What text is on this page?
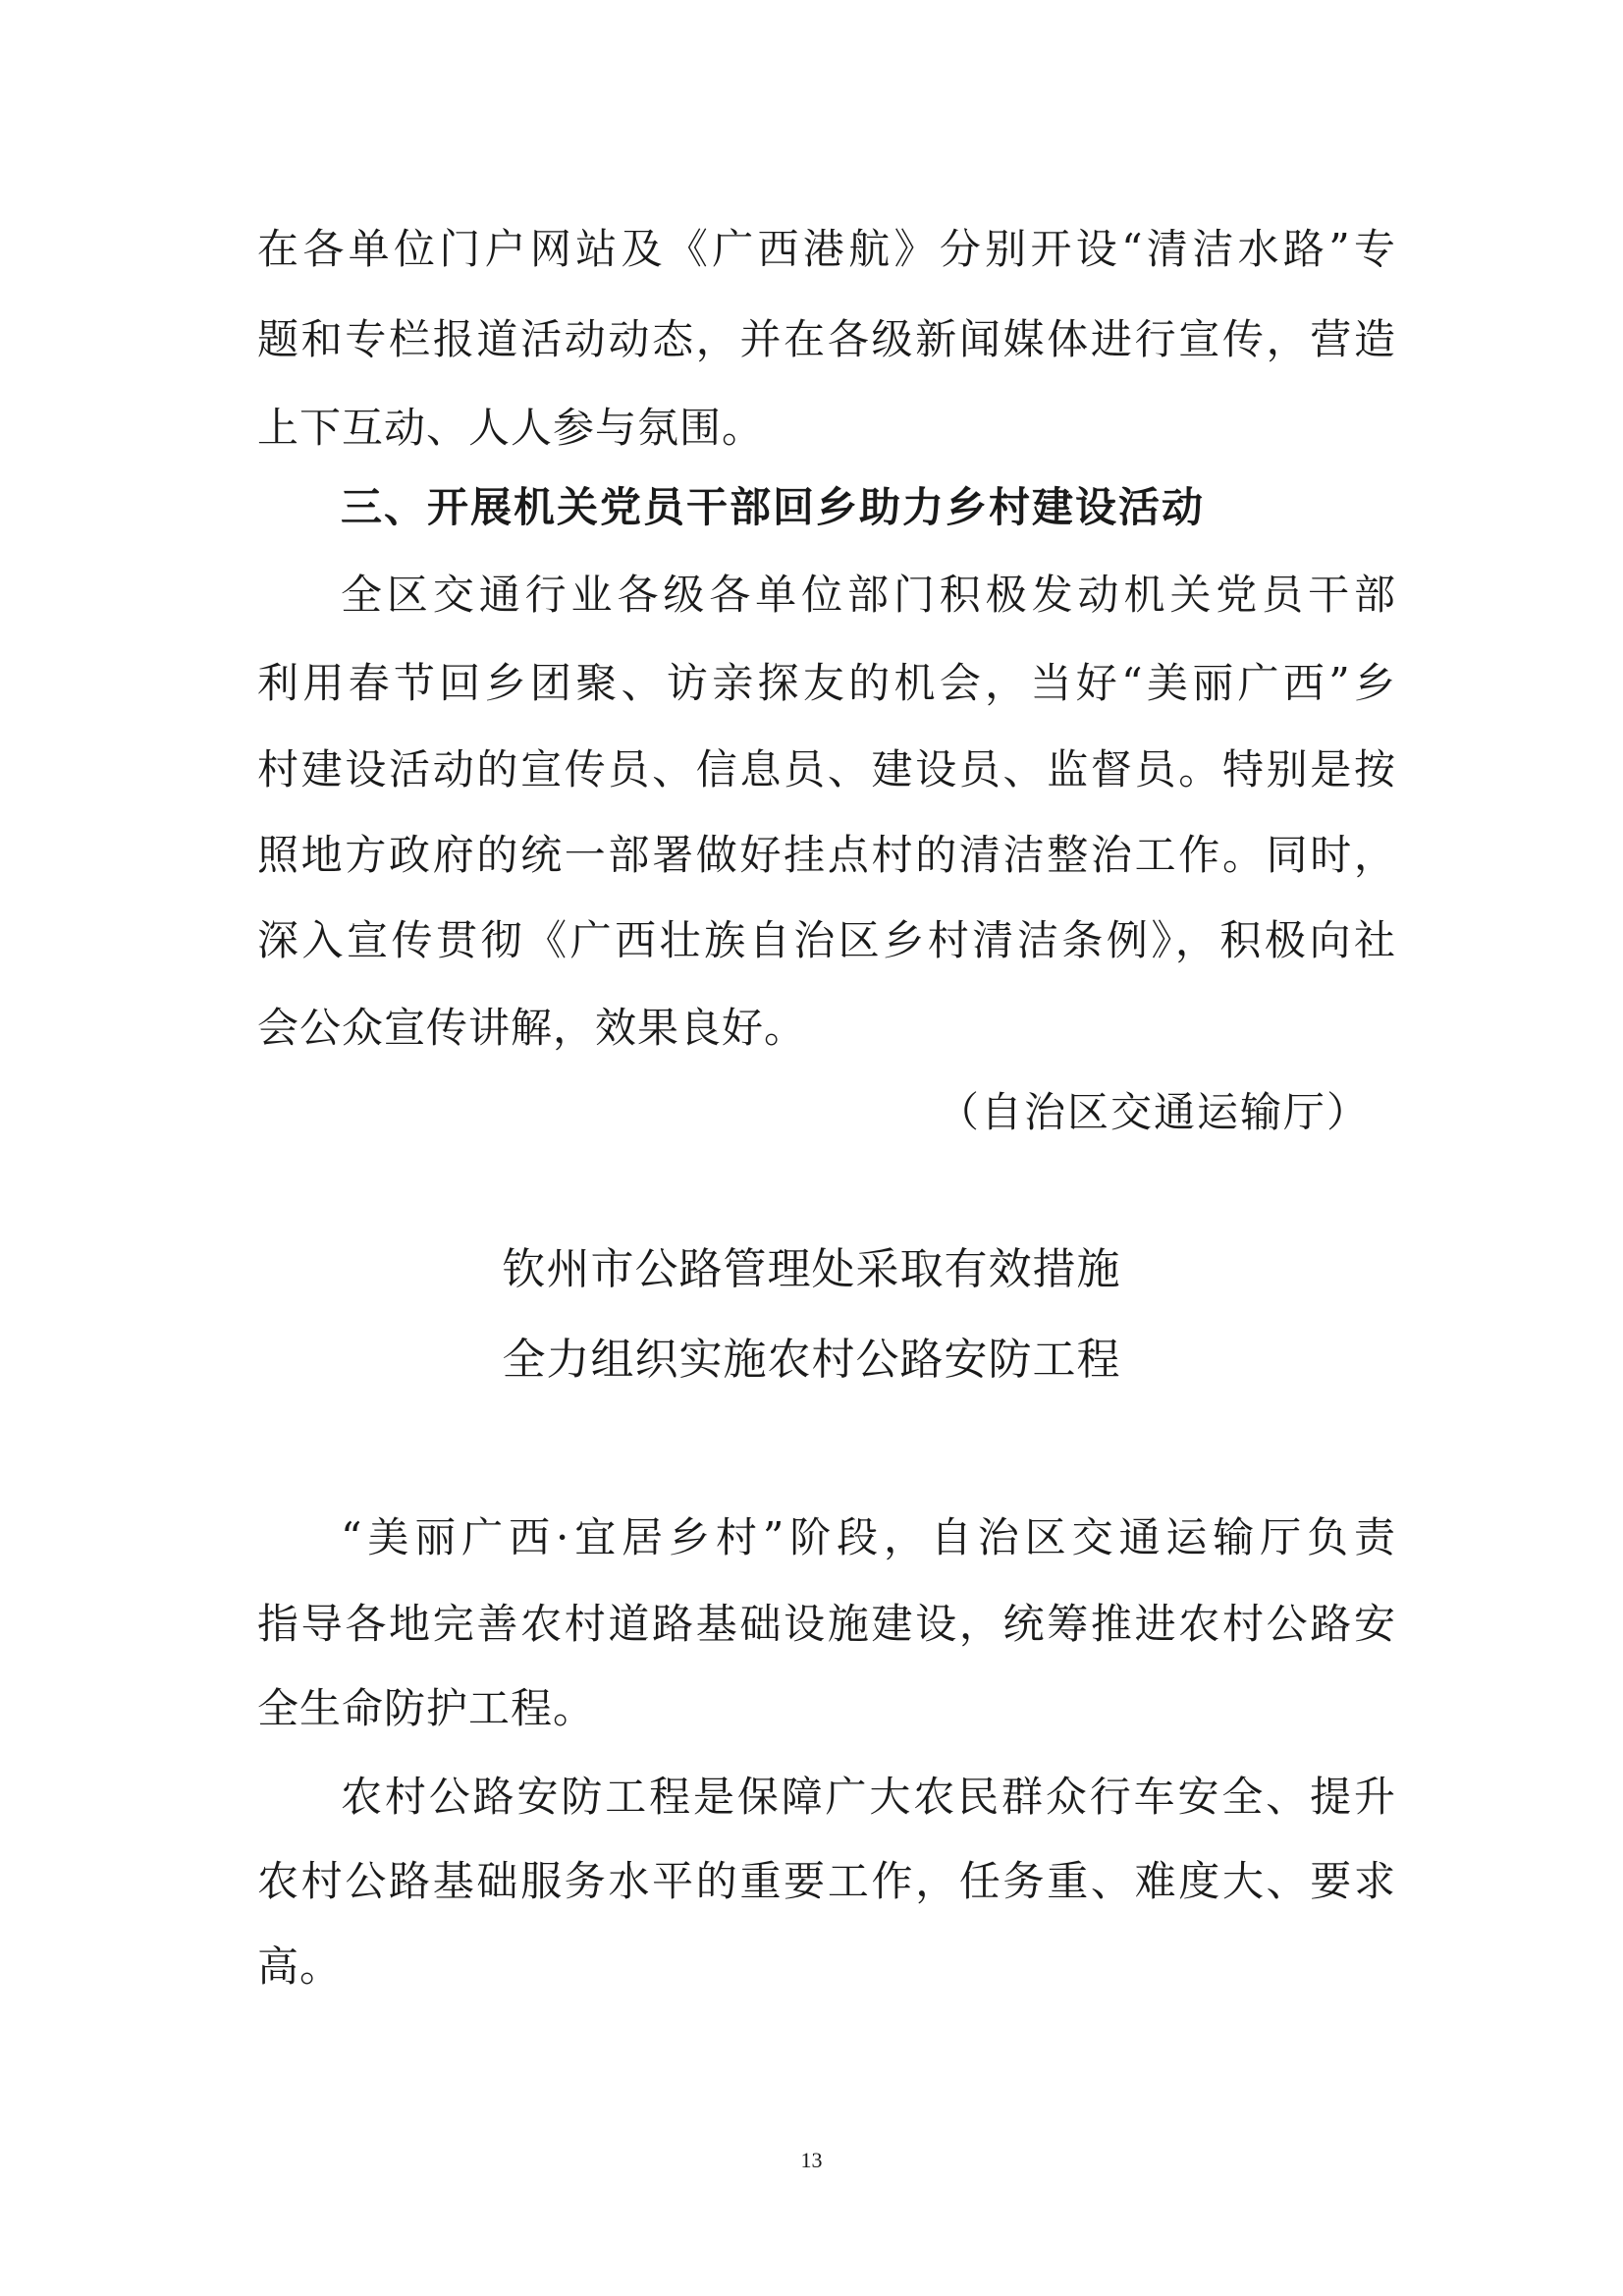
在各单位门户网站及《广西港航》分别开设“清洁水路”专
题和专栏报道活动动态，并在各级新闻媒体进行宣传，营造
上下互动、人人参与氛围。
三、开展机关党员干部回乡助力乡村建设活动
全区交通行业各级各单位部门积极发动机关党员干部
利用春节回乡团聚、访亲探友的机会，当好“美丽广西”乡
村建设活动的宣传员、信息员、建设员、监督员。特别是按
照地方政府的统一部署做好挂点村的清洁整治工作。同时，
深入宣传贯彻《广西壮族自治区乡村清洁条例》，积极向社
会公众宣传讲解，效果良好。
（自治区交通运输厅）
钦州市公路管理处采取有效措施
全力组织实施农村公路安防工程
“美丽广西·宜居乡村”阶段，自治区交通运输厅负责
指导各地完善农村道路基础设施建设，统筹推进农村公路安
全生命防护工程。
农村公路安防工程是保障广大农民群众行车安全、提升
农村公路基础服务水平的重要工作，任务重、难度大、要求
高。
13
